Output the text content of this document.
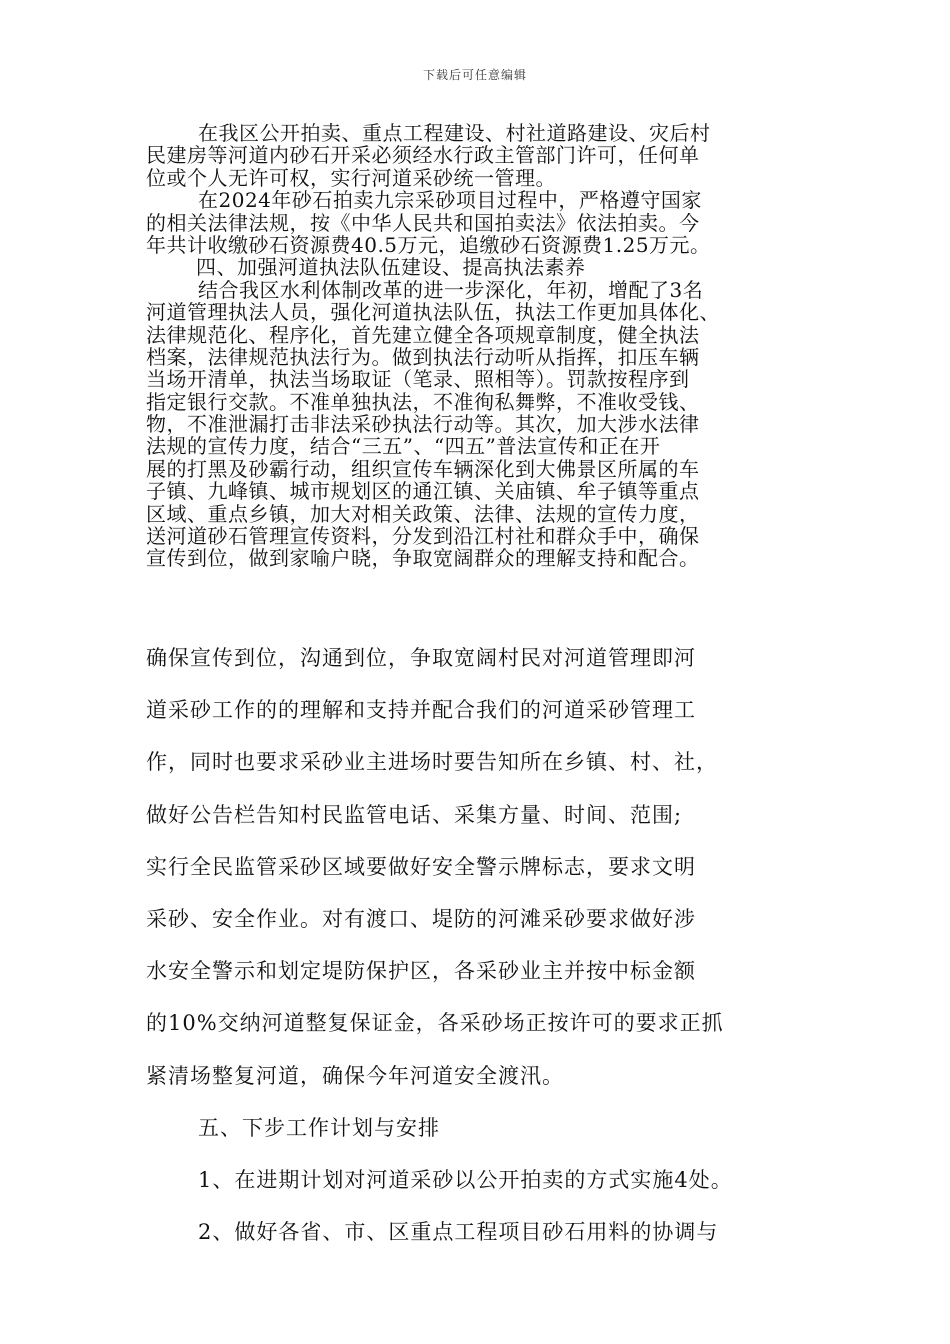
下载后可任意编辑
在我区公开拍卖、重点工程建设、村社道路建设、灾后村
民建房等河道内砂石开采必须经水行政主管部门许可，任何单
位或个人无许可权，实行河道采砂统一管理。
在2024年砂石拍卖九宗采砂项目过程中，严格遵守国家
的相关法律法规，按《中华人民共和国拍卖法》依法拍卖。今
年共计收缴砂石资源费40.5万元，追缴砂石资源费1.25万元。
四、加强河道执法队伍建设、提高执法素养
结合我区水利体制改革的进一步深化，年初，增配了3名
河道管理执法人员，强化河道执法队伍，执法工作更加具体化、
法律规范化、程序化，首先建立健全各项规章制度，健全执法
档案，法律规范执法行为。做到执法行动听从指挥，扣压车辆
当场开清单，执法当场取证（笔录、照相等）。罚款按程序到
指定银行交款。不准单独执法，不准徇私舞弊，不准收受钱、
物，不准泄漏打击非法采砂执法行动等。其次，加大涉水法律
法规的宣传力度，结合“三五”、“四五”普法宣传和正在开
展的打黑及砂霸行动，组织宣传车辆深化到大佛景区所属的车
子镇、九峰镇、城市规划区的通江镇、关庙镇、牟子镇等重点
区域、重点乡镇，加大对相关政策、法律、法规的宣传力度，
送河道砂石管理宣传资料，分发到沿江村社和群众手中，确保
宣传到位，做到家喻户晓，争取宽阔群众的理解支持和配合。
确保宣传到位，沟通到位，争取宽阔村民对河道管理即河
道采砂工作的的理解和支持并配合我们的河道采砂管理工
作，同时也要求采砂业主进场时要告知所在乡镇、村、社，
做好公告栏告知村民监管电话、采集方量、时间、范围;
实行全民监管采砂区域要做好安全警示牌标志，要求文明
采砂、安全作业。对有渡口、堤防的河滩采砂要求做好涉
水安全警示和划定堤防保护区，各采砂业主并按中标金额
的10%交纳河道整复保证金，各采砂场正按许可的要求正抓
紧清场整复河道，确保今年河道安全渡汛。
五、下步工作计划与安排
1、在进期计划对河道采砂以公开拍卖的方式实施4处。
2、做好各省、市、区重点工程项目砂石用料的协调与
